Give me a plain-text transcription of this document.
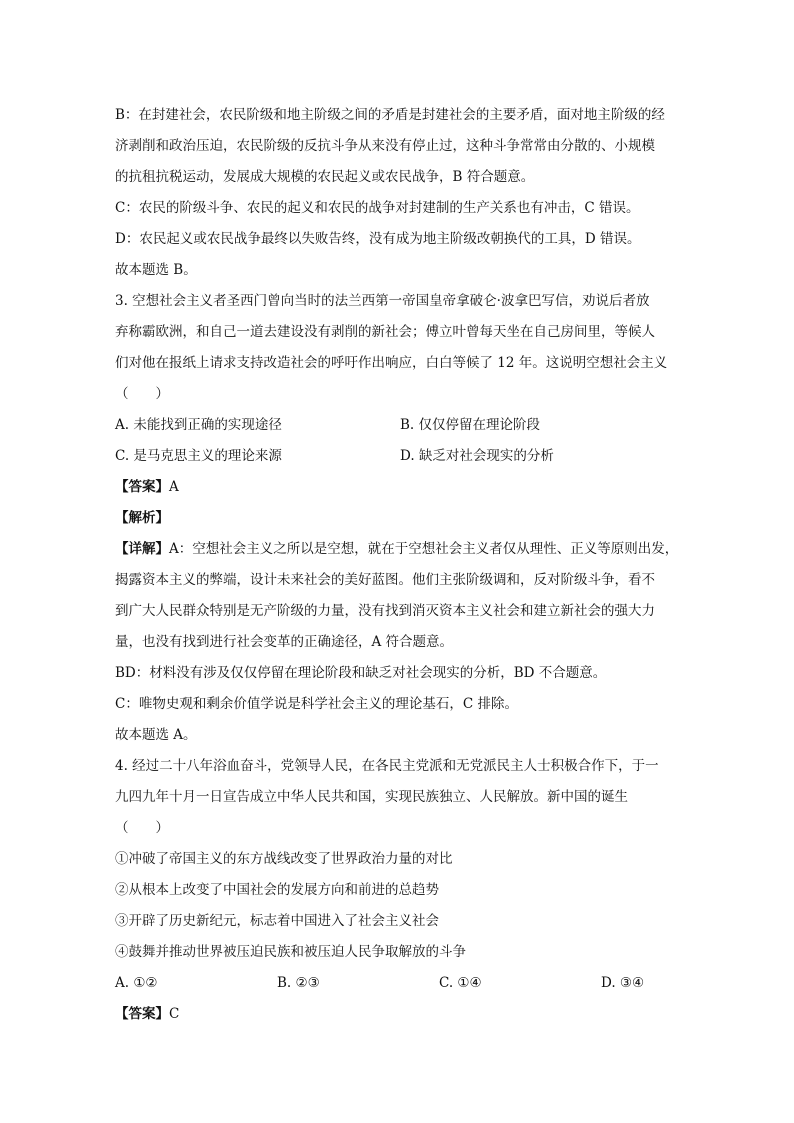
B：在封建社会，农民阶级和地主阶级之间的矛盾是封建社会的主要矛盾，面对地主阶级的经
济剥削和政治压迫，农民阶级的反抗斗争从来没有停止过，这种斗争常常由分散的、小规模
的抗租抗税运动，发展成大规模的农民起义或农民战争，B 符合题意。
C：农民的阶级斗争、农民的起义和农民的战争对封建制的生产关系也有冲击，C 错误。
D：农民起义或农民战争最终以失败告终，没有成为地主阶级改朝换代的工具，D 错误。
故本题选 B。
3. 空想社会主义者圣西门曾向当时的法兰西第一帝国皇帝拿破仑·波拿巴写信，劝说后者放
弃称霸欧洲，和自己一道去建设没有剥削的新社会；傅立叶曾每天坐在自己房间里，等候人
们对他在报纸上请求支持改造社会的呼吁作出响应，白白等候了 12 年。这说明空想社会主义
（　　）
A. 未能找到正确的实现途径	B. 仅仅停留在理论阶段
C. 是马克思主义的理论来源	D. 缺乏对社会现实的分析
【答案】A
【解析】
【详解】A：空想社会主义之所以是空想，就在于空想社会主义者仅从理性、正义等原则出发，
揭露资本主义的弊端，设计未来社会的美好蓝图。他们主张阶级调和，反对阶级斗争，看不
到广大人民群众特别是无产阶级的力量，没有找到消灭资本主义社会和建立新社会的强大力
量，也没有找到进行社会变革的正确途径，A 符合题意。
BD：材料没有涉及仅仅停留在理论阶段和缺乏对社会现实的分析，BD 不合题意。
C：唯物史观和剩余价值学说是科学社会主义的理论基石，C 排除。
故本题选 A。
4. 经过二十八年浴血奋斗，党领导人民，在各民主党派和无党派民主人士积极合作下，于一
九四九年十月一日宣告成立中华人民共和国，实现民族独立、人民解放。新中国的诞生
（　　）
①冲破了帝国主义的东方战线改变了世界政治力量的对比
②从根本上改变了中国社会的发展方向和前进的总趋势
③开辟了历史新纪元，标志着中国进入了社会主义社会
④鼓舞并推动世界被压迫民族和被压迫人民争取解放的斗争
A. ①②	B. ②③	C. ①④	D. ③④
【答案】C
